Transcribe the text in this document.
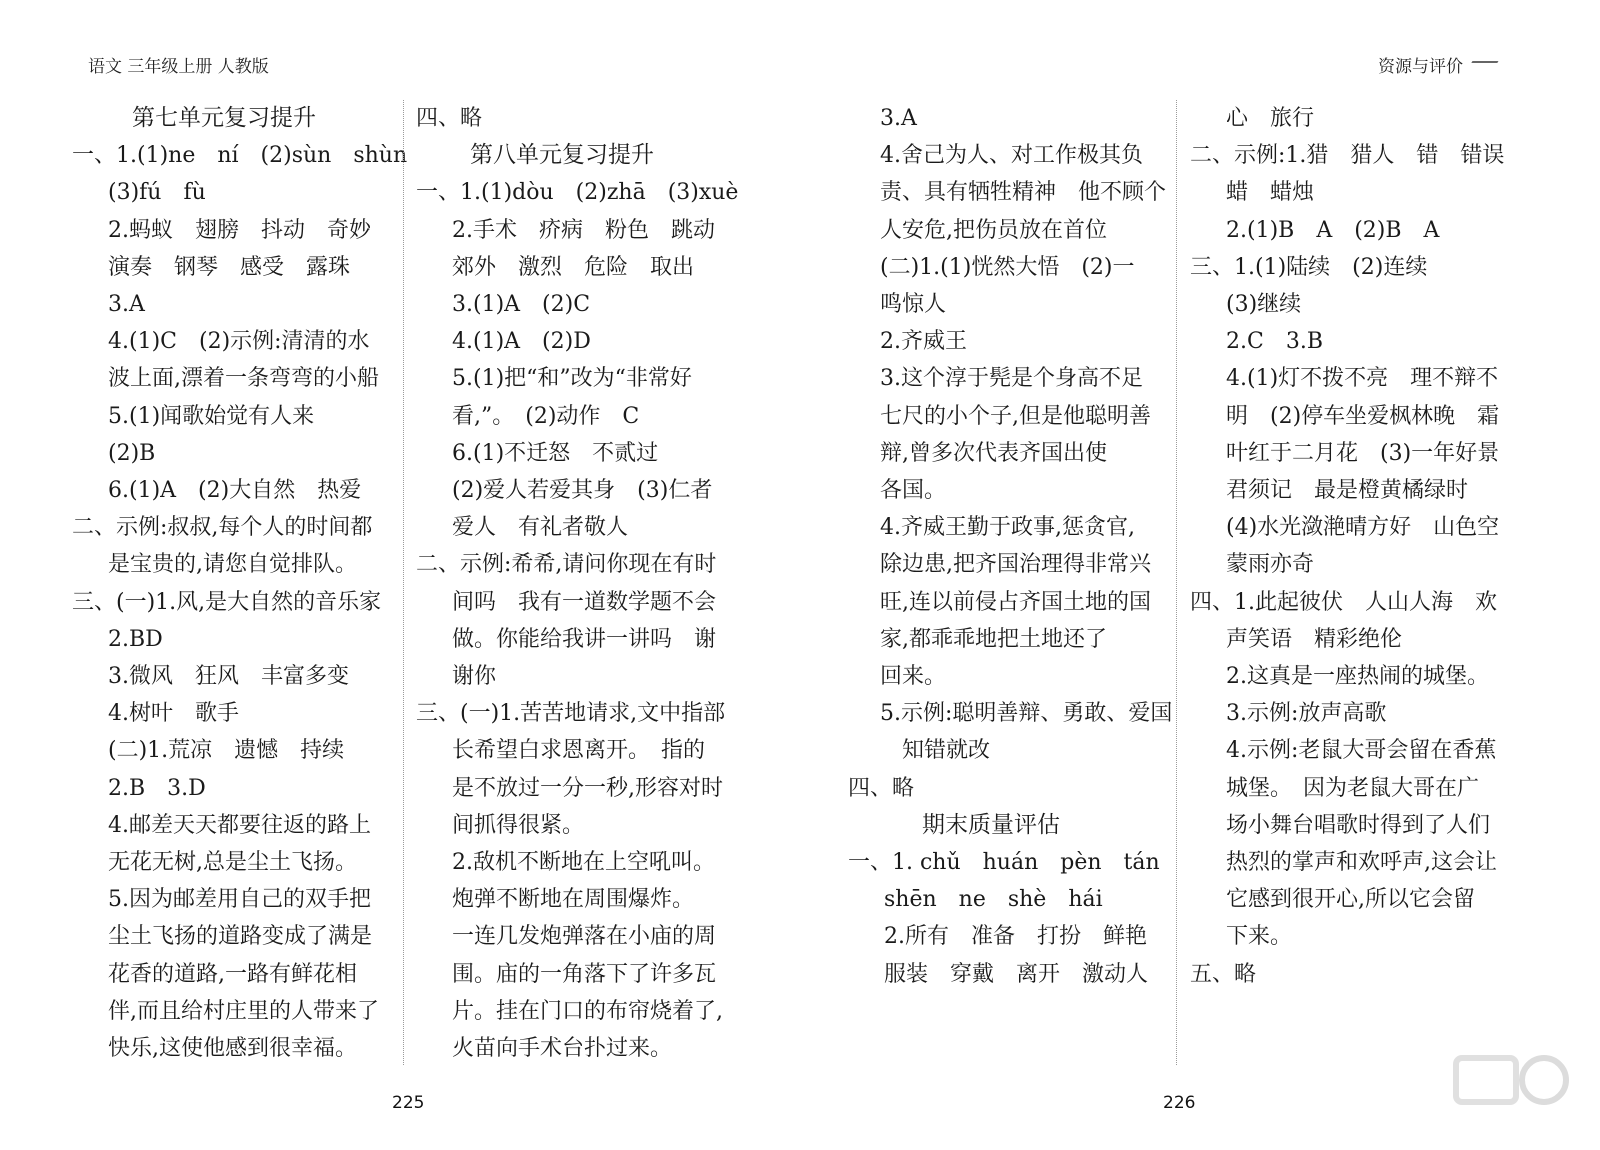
语文 三年级上册 人教版	资源与评价
第七单元复习提升
一、1.(1)ne　ní　(2)sùn　shùn
(3)fú　fù
2.蚂蚁　翅膀　抖动　奇妙
演奏　钢琴　感受　露珠
3.A
4.(1)C　(2)示例:清清的水
波上面,漂着一条弯弯的小船
5.(1)闻歌始觉有人来
(2)B
6.(1)A　(2)大自然　热爱
二、示例:叔叔,每个人的时间都
是宝贵的,请您自觉排队。
三、(一)1.风,是大自然的音乐家
2.BD
3.微风　狂风　丰富多变
4.树叶　歌手
(二)1.荒凉　遗憾　持续
2.B　3.D
4.邮差天天都要往返的路上
无花无树,总是尘土飞扬。
5.因为邮差用自己的双手把
尘土飞扬的道路变成了满是
花香的道路,一路有鲜花相
伴,而且给村庄里的人带来了
快乐,这使他感到很幸福。
四、略
第八单元复习提升
一、1.(1)dòu　(2)zhā　(3)xuè
2.手术　疥病　粉色　跳动
郊外　激烈　危险　取出
3.(1)A　(2)C
4.(1)A　(2)D
5.(1)把“和”改为“非常好
看,”。　(2)动作　C
6.(1)不迁怒　不贰过
(2)爱人若爱其身　(3)仁者
爱人　有礼者敬人
二、示例:希希,请问你现在有时
间吗　我有一道数学题不会
做。你能给我讲一讲吗　谢
谢你
三、(一)1.苦苦地请求,文中指部
长希望白求恩离开。　指的
是不放过一分一秒,形容对时
间抓得很紧。
2.敌机不断地在上空吼叫。
炮弹不断地在周围爆炸。
一连几发炮弹落在小庙的周
围。庙的一角落下了许多瓦
片。挂在门口的布帘烧着了,
火苗向手术台扑过来。
3.A
4.舍己为人、对工作极其负
责、具有牺牲精神　他不顾个
人安危,把伤员放在首位
(二)1.(1)恍然大悟　(2)一
鸣惊人
2.齐威王
3.这个淳于髡是个身高不足
七尺的小个子,但是他聪明善
辩,曾多次代表齐国出使
各国。
4.齐威王勤于政事,惩贪官,
除边患,把齐国治理得非常兴
旺,连以前侵占齐国土地的国
家,都乖乖地把土地还了
回来。
5.示例:聪明善辩、勇敢、爱国
知错就改
四、略
期末质量评估
一、1. chǔ　huán　pèn　tán
shēn　ne　shè　hái
2.所有　准备　打扮　鲜艳
服装　穿戴　离开　激动人
心　旅行
二、示例:1.猎　猎人　错　错误
蜡　蜡烛
2.(1)B　A　(2)B　A
三、1.(1)陆续　(2)连续
(3)继续
2.C　3.B
4.(1)灯不拨不亮　理不辩不
明　(2)停车坐爱枫林晚　霜
叶红于二月花　(3)一年好景
君须记　最是橙黄橘绿时
(4)水光潋滟晴方好　山色空
蒙雨亦奇
四、1.此起彼伏　人山人海　欢
声笑语　精彩绝伦
2.这真是一座热闹的城堡。
3.示例:放声高歌
4.示例:老鼠大哥会留在香蕉
城堡。　因为老鼠大哥在广
场小舞台唱歌时得到了人们
热烈的掌声和欢呼声,这会让
它感到很开心,所以它会留
下来。
五、略
225	226
